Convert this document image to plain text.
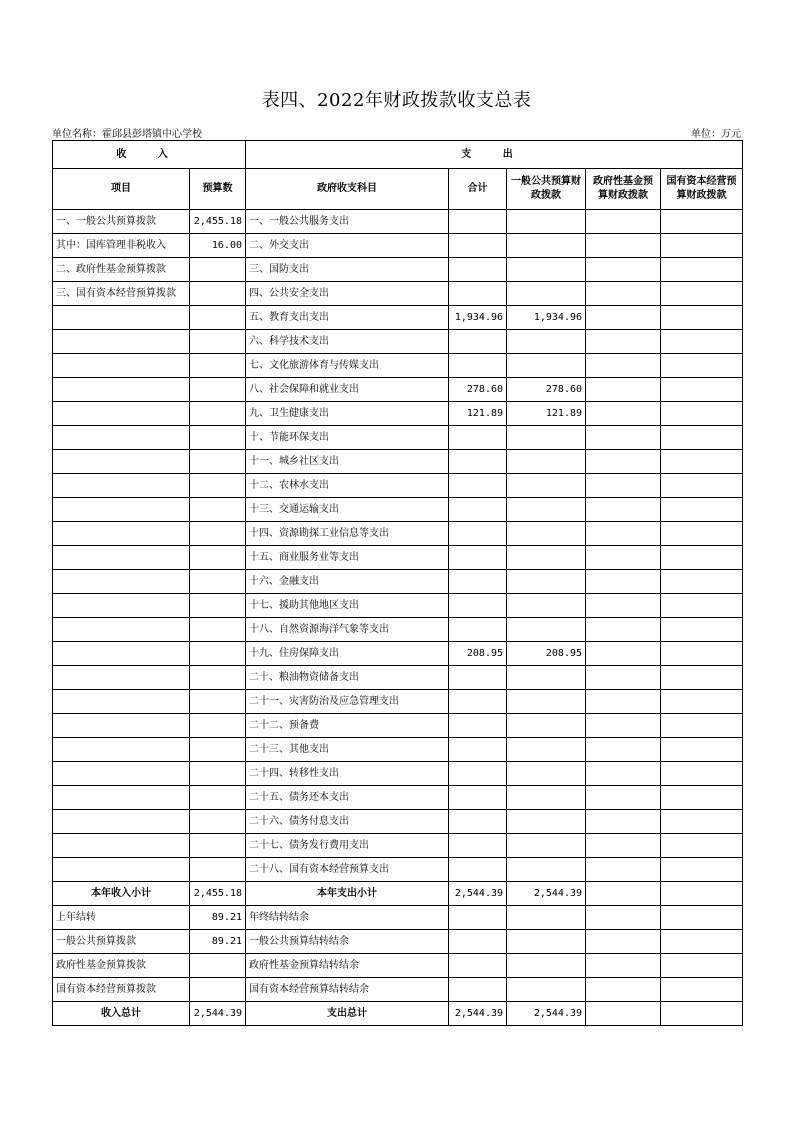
表四、2022年财政拨款收支总表
单位名称：霍邱县彭塔镇中心学校	单位：万元
收 入		支 出				
项目	预算数	政府收支科目	合计	一般公共预算财政拨款	政府性基金预算财政拨款	国有资本经营预算财政拨款
一、一般公共预算拨款	2,455.18	一、一般公共服务支出				
其中：国库管理非税收入	16.00	二、外交支出				
二、政府性基金预算拨款		三、国防支出				
三、国有资本经营预算拨款		四、公共安全支出				
		五、教育支出支出	1,934.96	1,934.96		
		六、科学技术支出				
		七、文化旅游体育与传媒支出				
		八、社会保障和就业支出	278.60	278.60		
		九、卫生健康支出	121.89	121.89		
		十、节能环保支出				
		十一、城乡社区支出				
		十二、农林水支出				
		十三、交通运输支出				
		十四、资源勘探工业信息等支出				
		十五、商业服务业等支出				
		十六、金融支出				
		十七、援助其他地区支出				
		十八、自然资源海洋气象等支出				
		十九、住房保障支出	208.95	208.95		
		二十、粮油物资储备支出				
		二十一、灾害防治及应急管理支出				
		二十二、预备费				
		二十三、其他支出				
		二十四、转移性支出				
		二十五、债务还本支出				
		二十六、债务付息支出				
		二十七、债务发行费用支出				
		二十八、国有资本经营预算支出				
本年收入小计	2,455.18	本年支出小计	2,544.39	2,544.39		
上年结转	89.21	年终结转结余				
一般公共预算拨款	89.21	一般公共预算结转结余				
政府性基金预算拨款		政府性基金预算结转结余				
国有资本经营预算拨款		国有资本经营预算结转结余				
收入总计	2,544.39	支出总计	2,544.39	2,544.39		
